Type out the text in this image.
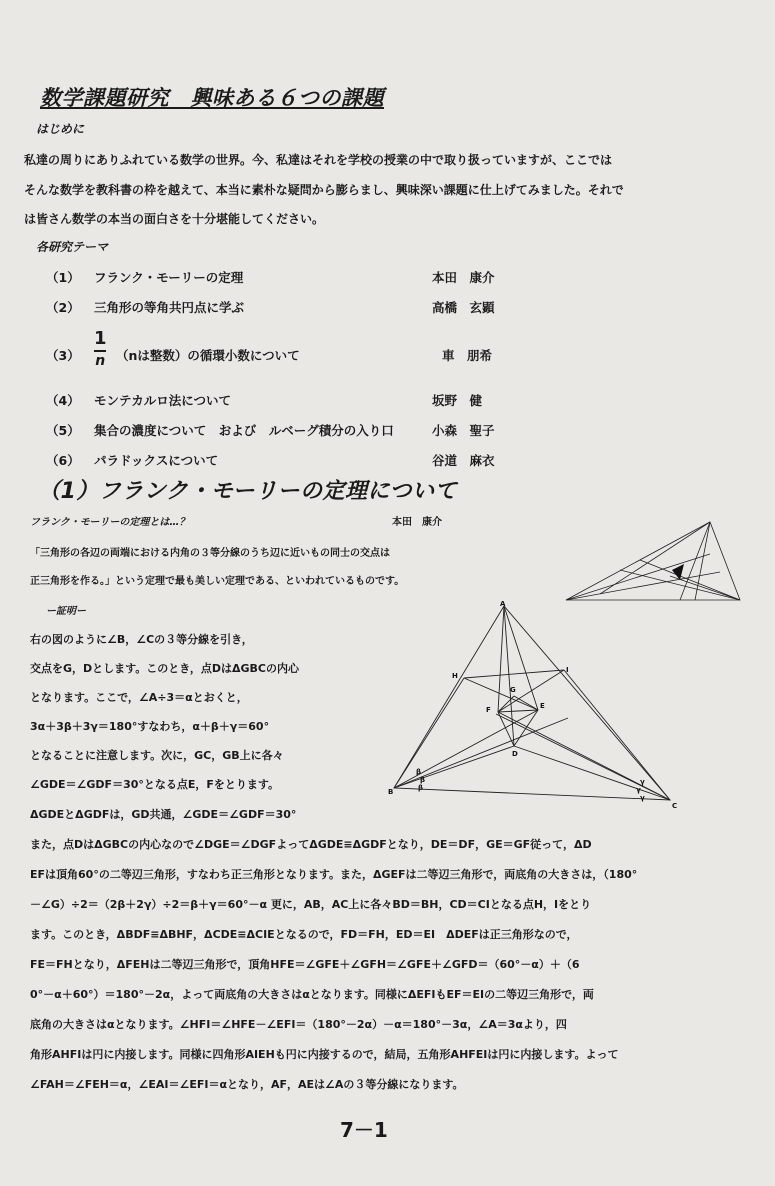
数学課題研究　興味ある６つの課題
はじめに
私達の周りにありふれている数学の世界。今、私達はそれを学校の授業の中で取り扱っていますが、ここでは
そんな数学を教科書の枠を越えて、本当に素朴な疑問から膨らまし、興味深い課題に仕上げてみました。それで
は皆さん数学の本当の面白さを十分堪能してください。
各研究テーマ
（1） フランク・モーリーの定理	本田　康介
（2） 三角形の等角共円点に学ぶ	高橋　玄顕
（3）
1
n （nは整数）の循環小数について	車　朋希
（4） モンテカルロ法について	坂野　健
（5） 集合の濃度について　および　ルベーグ積分の入り口	小森　聖子
（6） パラドックスについて	谷道　麻衣
（1）フランク・モーリーの定理について
フランク・モーリーの定理とは…？	本田　康介
「三角形の各辺の両端における内角の３等分線のうち辺に近いもの同士の交点は
正三角形を作る。」という定理で最も美しい定理である、といわれているものです。
ー証明ー
右の図のように∠B，∠Cの３等分線を引き，
交点をG，Dとします。このとき，点DはΔGBCの内心
となります。ここで，∠A÷3＝αとおくと，
3α＋3β＋3γ＝180°すなわち，α＋β＋γ＝60°
となることに注意します。次に，GC，GB上に各々
∠GDE＝∠GDF＝30°となる点E，Fをとります。
ΔGDEとΔGDFは，GD共通，∠GDE＝∠GDF＝30°
また，点DはΔGBCの内心なので∠DGE＝∠DGFよってΔGDE≡ΔGDFとなり，DE＝DF，GE＝GF従って，ΔD
EFは頂角60°の二等辺三角形，すなわち正三角形となります。また，ΔGEFは二等辺三角形で，両底角の大きさは，（180°
－∠G）÷2＝（2β＋2γ）÷2＝β＋γ＝60°－α 更に，AB，AC上に各々BD＝BH，CD＝CIとなる点H，Iをとり
ます。このとき，ΔBDF≡ΔBHF，ΔCDE≡ΔCIEとなるので，FD＝FH，ED＝EI　ΔDEFは正三角形なので，
FE＝FHとなり，ΔFEHは二等辺三角形で，頂角HFE＝∠GFE＋∠GFH＝∠GFE＋∠GFD＝（60°－α）＋（6
0°－α＋60°）＝180°－2α，よって両底角の大きさはαとなります。同様にΔEFIもEF＝EIの二等辺三角形で，両
底角の大きさはαとなります。∠HFI＝∠HFE－∠EFI＝（180°－2α）－α＝180°－3α，∠A＝3αより，四
角形AHFIは円に内接します。同様に四角形AIEHも円に内接するので，結局，五角形AHFEIは円に内接します。よって
∠FAH＝∠FEH＝α，∠EAI＝∠EFI＝αとなり，AF，AEは∠Aの３等分線になります。
A
B
C
H
I
G
D
E
F
β
β
β
γ
γ
γ
7－1
